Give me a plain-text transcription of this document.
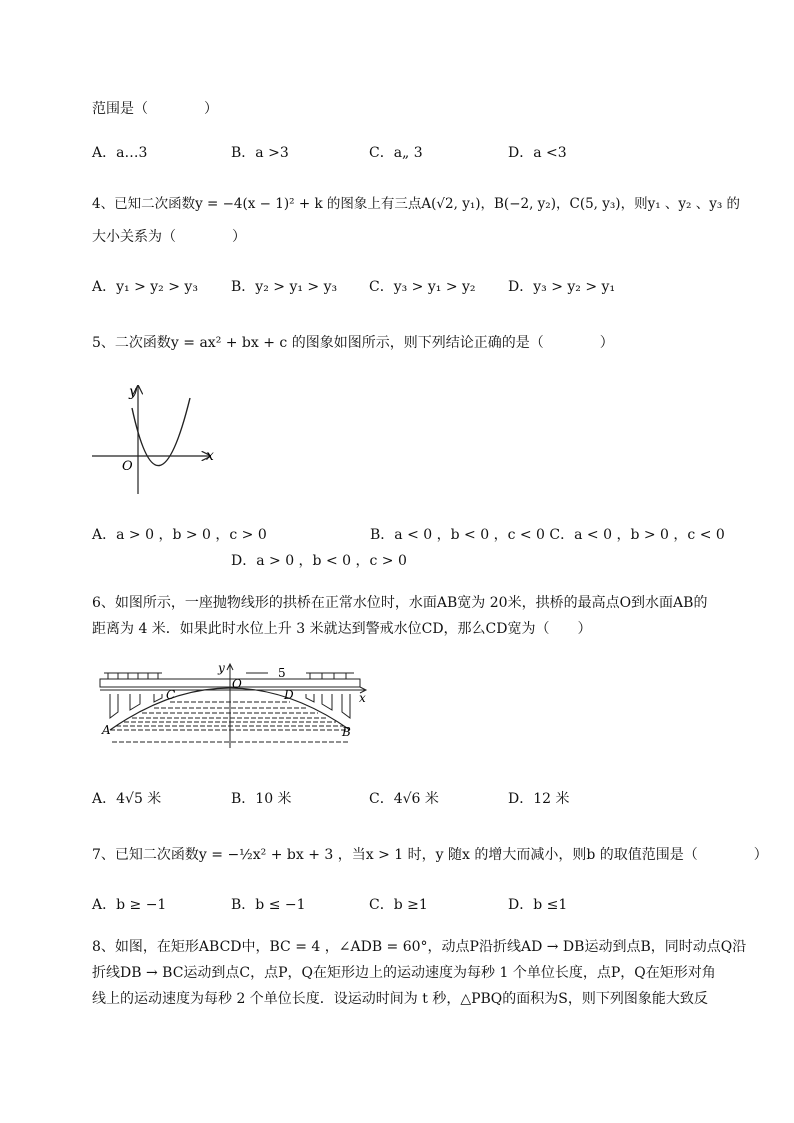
范围是（　　　　）
A．a…3	B．a >3	C．a„ 3	D．a <3
4、已知二次函数y = −4(x − 1)² + k 的图象上有三点A(√2, y₁)，B(−2, y₂)，C(5, y₃)，则y₁ 、y₂ 、y₃ 的
大小关系为（　　　　）
A．y₁ > y₂ > y₃ B．y₂ > y₁ > y₃ C．y₃ > y₁ > y₂ D．y₃ > y₂ > y₁
5、二次函数y = ax² + bx + c 的图象如图所示，则下列结论正确的是（　　　　）
x
y
O
A．a > 0 ，b > 0 ，c > 0	B．a < 0 ，b < 0 ，c < 0 C．a < 0 ，b > 0 ，c < 0
D．a > 0 ，b < 0 ，c > 0
6、如图所示，一座抛物线形的拱桥在正常水位时，水面AB宽为 20米，拱桥的最高点O到水面AB的
距离为 4 米．如果此时水位上升 3 米就达到警戒水位CD，那么CD宽为（　　）
A	B
C	D
O
y
x
5
A．4√5 米	B．10 米	C．4√6 米	D．12 米
7、已知二次函数y = −½x² + bx + 3 ，当x > 1 时，y 随x 的增大而减小，则b 的取值范围是（　　　　）
A．b ≥ −1	B．b ≤ −1	C．b ≥1	D．b ≤1
8、如图，在矩形ABCD中，BC = 4 ，∠ADB = 60°，动点P沿折线AD → DB运动到点B，同时动点Q沿
折线DB → BC运动到点C，点P，Q在矩形边上的运动速度为每秒 1 个单位长度，点P，Q在矩形对角
线上的运动速度为每秒 2 个单位长度．设运动时间为 t 秒，△PBQ的面积为S，则下列图象能大致反
